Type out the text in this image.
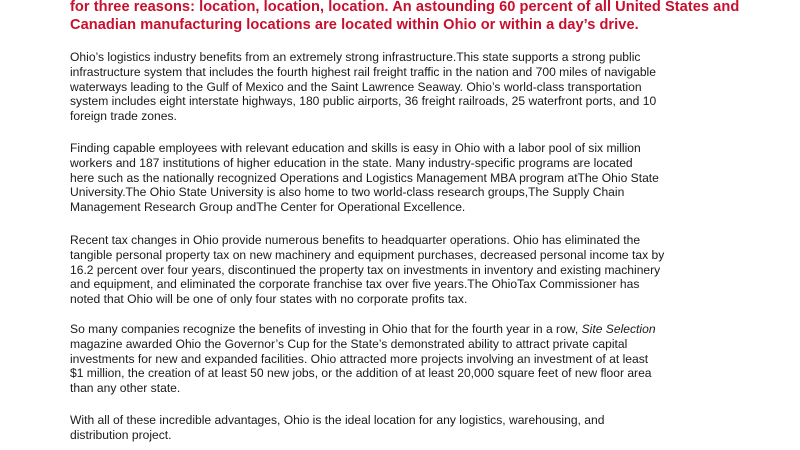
for three reasons: location, location, location. An astounding 60 percent of all United States and
Canadian manufacturing locations are located within Ohio or within a day’s drive.

Ohio’s logistics industry benefits from an extremely strong infrastructure.This state supports a strong public
infrastructure system that includes the fourth highest rail freight traffic in the nation and 700 miles of navigable
waterways leading to the Gulf of Mexico and the Saint Lawrence Seaway. Ohio’s world-class transportation
system includes eight interstate highways, 180 public airports, 36 freight railroads, 25 waterfront ports, and 10
foreign trade zones.

Finding capable employees with relevant education and skills is easy in Ohio with a labor pool of six million
workers and 187 institutions of higher education in the state. Many industry-specific programs are located
here such as the nationally recognized Operations and Logistics Management MBA program atThe Ohio State
University.The Ohio State University is also home to two world-class research groups,The Supply Chain
Management Research Group andThe Center for Operational Excellence.

Recent tax changes in Ohio provide numerous benefits to headquarter operations. Ohio has eliminated the
tangible personal property tax on new machinery and equipment purchases, decreased personal income tax by
16.2 percent over four years, discontinued the property tax on investments in inventory and existing machinery
and equipment, and eliminated the corporate franchise tax over five years.The OhioTax Commissioner has
noted that Ohio will be one of only four states with no corporate profits tax.

So many companies recognize the benefits of investing in Ohio that for the fourth year in a row, Site Selection
magazine awarded Ohio the Governor’s Cup for the State’s demonstrated ability to attract private capital
investments for new and expanded facilities. Ohio attracted more projects involving an investment of at least
$1 million, the creation of at least 50 new jobs, or the addition of at least 20,000 square feet of new floor area
than any other state.

With all of these incredible advantages, Ohio is the ideal location for any logistics, warehousing, and
distribution project.
